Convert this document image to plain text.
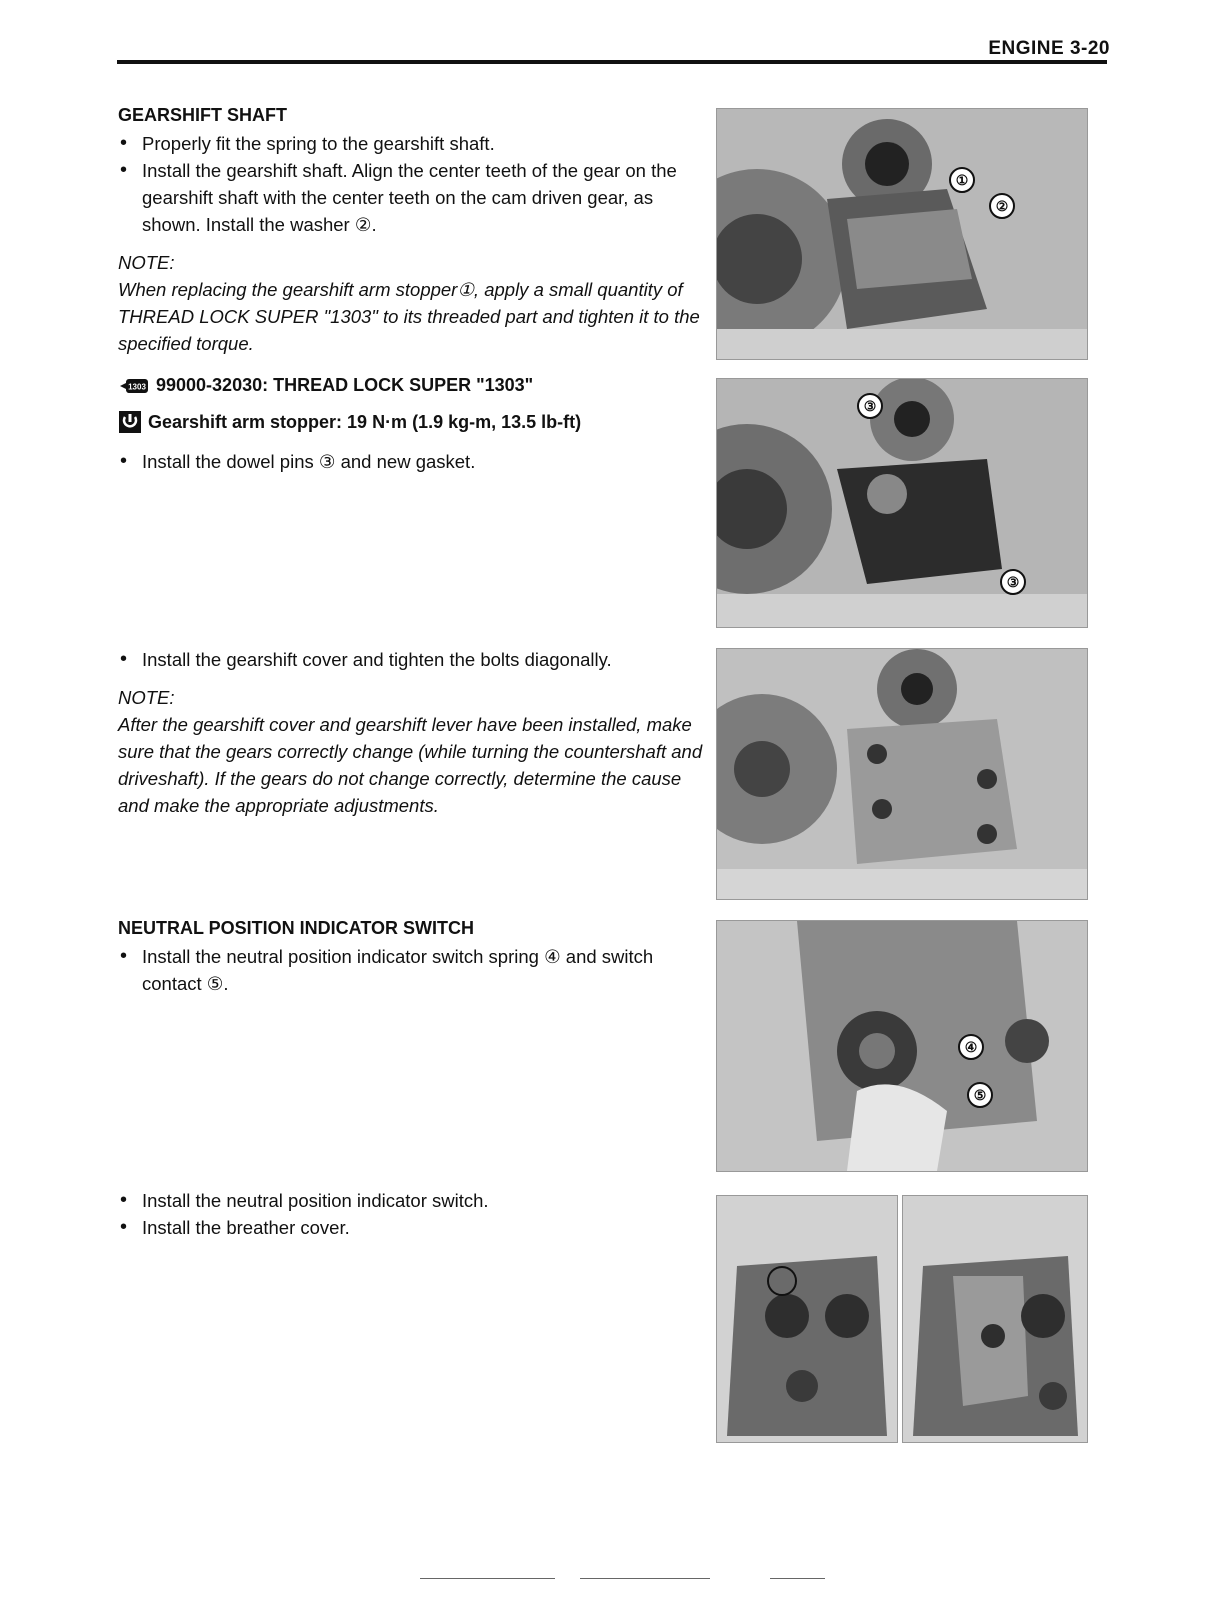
ENGINE 3-20

GEARSHIFT SHAFT

• Properly fit the spring to the gearshift shaft.

• Install the gearshift shaft. Align the center teeth of the gear on the gearshift shaft with the center teeth on the cam driven gear, as shown. Install the washer ②.

NOTE:

When replacing the gearshift arm stopper①, apply a small quantity of THREAD LOCK SUPER "1303" to its threaded part and tighten it to the specified torque.

1303 99000-32030: THREAD LOCK SUPER "1303"
Gearshift arm stopper: 19 N·m (1.9 kg-m, 13.5 lb-ft)

• Install the dowel pins ③ and new gasket.

• Install the gearshift cover and tighten the bolts diagonally.

NOTE:

After the gearshift cover and gearshift lever have been installed, make sure that the gears correctly change (while turning the countershaft and driveshaft). If the gears do not change correctly, determine the cause and make the appropriate adjustments.

NEUTRAL POSITION INDICATOR SWITCH

• Install the neutral position indicator switch spring ④ and switch contact ⑤.

• Install the neutral position indicator switch.

• Install the breather cover.

①
②
③
③
④
⑤
